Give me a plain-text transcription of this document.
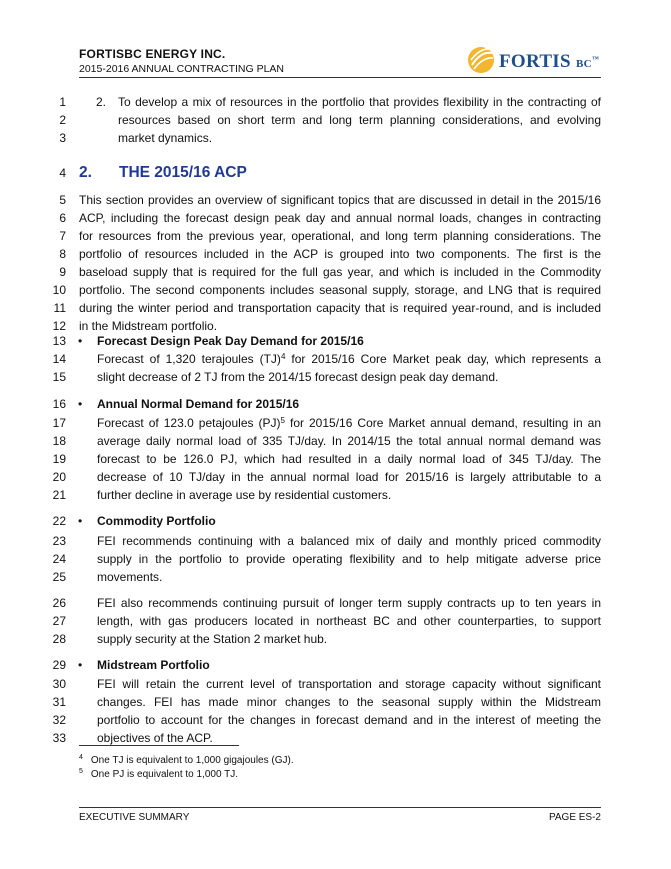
FORTISBC ENERGY INC.
2015-2016 ANNUAL CONTRACTING PLAN	FORTIS BC™
1
2
3
4
5
6
7
8
9
10
11
12
13
14
15
16
17
18
19
20
21
22
23
24
25
26
27
28
29
30
31
32
33
2. To develop a mix of resources in the portfolio that provides flexibility in the contracting of
resources based on short term and long term planning considerations, and evolving
market dynamics.
2. THE 2015/16 ACP
This section provides an overview of significant topics that are discussed in detail in the 2015/16
ACP, including the forecast design peak day and annual normal loads, changes in contracting
for resources from the previous year, operational, and long term planning considerations. The
portfolio of resources included in the ACP is grouped into two components. The first is the
baseload supply that is required for the full gas year, and which is included in the Commodity
portfolio. The second components includes seasonal supply, storage, and LNG that is required
during the winter period and transportation capacity that is required year-round, and is included
in the Midstream portfolio.
• Forecast Design Peak Day Demand for 2015/16
Forecast of 1,320 terajoules (TJ)$^4$ for 2015/16 Core Market peak day, which represents a
slight decrease of 2 TJ from the 2014/15 forecast design peak day demand.
• Annual Normal Demand for 2015/16
Forecast of 123.0 petajoules (PJ)$^5$ for 2015/16 Core Market annual demand, resulting in an
average daily normal load of 335 TJ/day. In 2014/15 the total annual normal demand was
forecast to be 126.0 PJ, which had resulted in a daily normal load of 345 TJ/day. The
decrease of 10 TJ/day in the annual normal load for 2015/16 is largely attributable to a
further decline in average use by residential customers.
• Commodity Portfolio
FEI recommends continuing with a balanced mix of daily and monthly priced commodity
supply in the portfolio to provide operating flexibility and to help mitigate adverse price
movements.
FEI also recommends continuing pursuit of longer term supply contracts up to ten years in
length, with gas producers located in northeast BC and other counterparties, to support
supply security at the Station 2 market hub.
• Midstream Portfolio
FEI will retain the current level of transportation and storage capacity without significant
changes. FEI has made minor changes to the seasonal supply within the Midstream
portfolio to account for the changes in forecast demand and in the interest of meeting the
objectives of the ACP.
$^4$ One TJ is equivalent to 1,000 gigajoules (GJ).
$^5$ One PJ is equivalent to 1,000 TJ.
EXECUTIVE SUMMARY	PAGE ES-2
